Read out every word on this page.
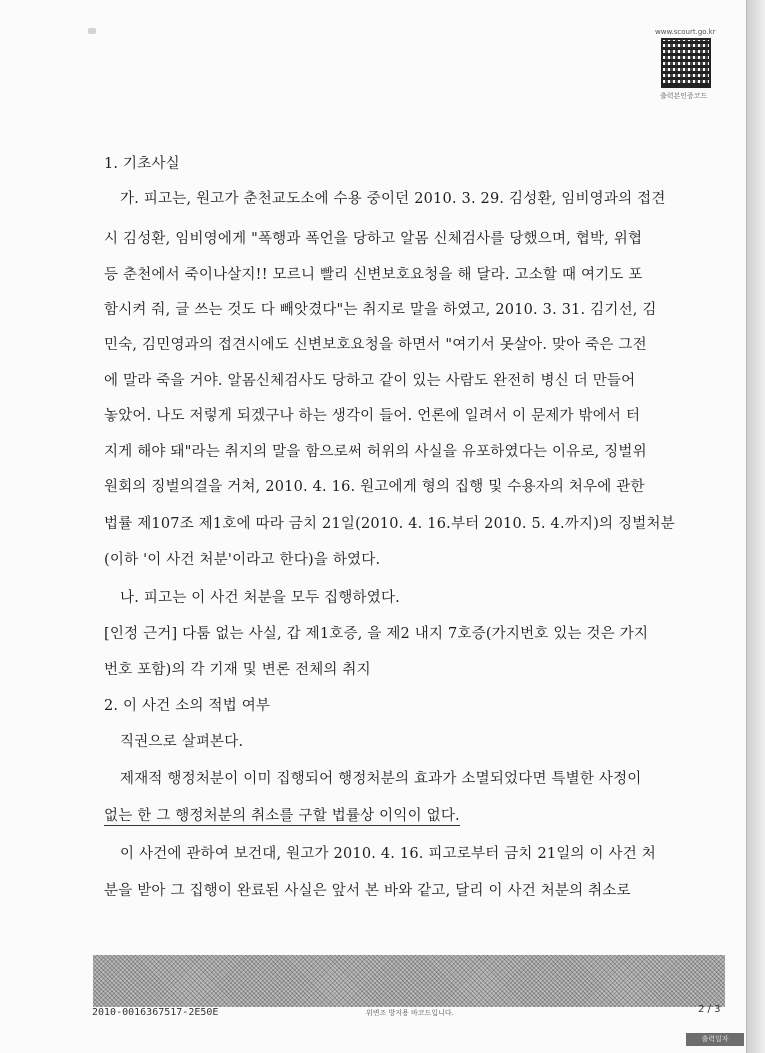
www.scourt.go.kr
출력본인증코드
1. 기초사실
가. 피고는, 원고가 춘천교도소에 수용 중이던 2010. 3. 29. 김성환, 임비영과의 접견
시 김성환, 임비영에게 "폭행과 폭언을 당하고 알몸 신체검사를 당했으며, 협박, 위협
등 춘천에서 죽이나살지!! 모르니 빨리 신변보호요청을 해 달라. 고소할 때 여기도 포
함시켜 줘, 글 쓰는 것도 다 빼앗겼다"는 취지로 말을 하였고, 2010. 3. 31. 김기선, 김
민숙, 김민영과의 접견시에도 신변보호요청을 하면서 "여기서 못살아. 맞아 죽은 그전
에 말라 죽을 거야. 알몸신체검사도 당하고 같이 있는 사람도 완전히 병신 더 만들어
놓았어. 나도 저렇게 되겠구나 하는 생각이 들어. 언론에 일려서 이 문제가 밖에서 터
지게 해야 돼"라는 취지의 말을 함으로써 허위의 사실을 유포하였다는 이유로, 징벌위
원회의 징벌의결을 거쳐, 2010. 4. 16. 원고에게 형의 집행 및 수용자의 처우에 관한
법률 제107조 제1호에 따라 금치 21일(2010. 4. 16.부터 2010. 5. 4.까지)의 징벌처분
(이하 '이 사건 처분'이라고 한다)을 하였다.
나. 피고는 이 사건 처분을 모두 집행하였다.
[인정 근거] 다툼 없는 사실, 갑 제1호증, 을 제2 내지 7호증(가지번호 있는 것은 가지
번호 포함)의 각 기재 및 변론 전체의 취지
2. 이 사건 소의 적법 여부
직권으로 살펴본다.
제재적 행정처분이 이미 집행되어 행정처분의 효과가 소멸되었다면 특별한 사정이
없는 한 그 행정처분의 취소를 구할 법률상 이익이 없다.
이 사건에 관하여 보건대, 원고가 2010. 4. 16. 피고로부터 금치 21일의 이 사건 처
분을 받아 그 집행이 완료된 사실은 앞서 본 바와 같고, 달리 이 사건 처분의 취소로
2010-0016367517-2E50E	위변조 방지용 바코드입니다.	2 / 3
출력일자
